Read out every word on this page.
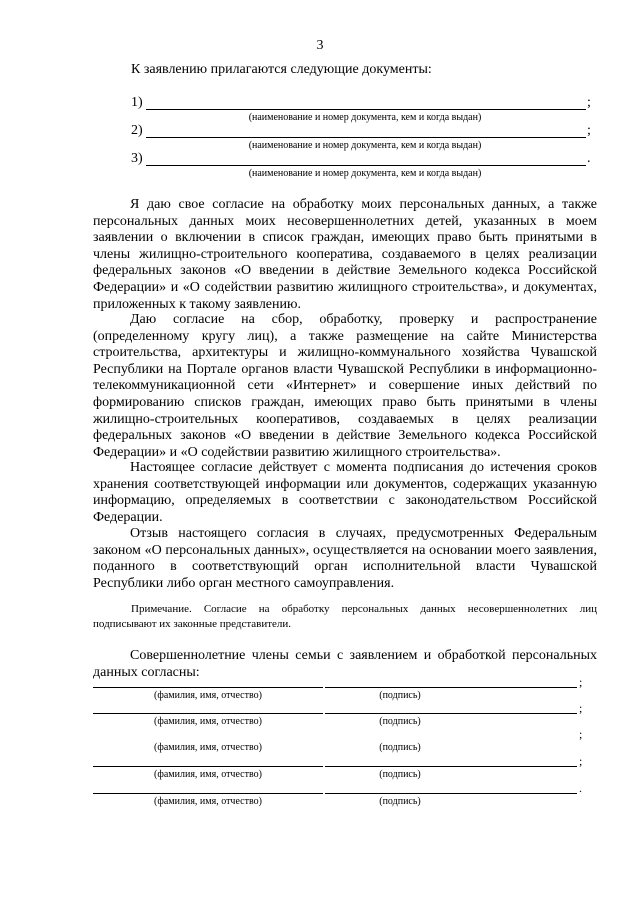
3
К заявлению прилагаются следующие документы:
1)	;
(наименование и номер документа, кем и когда выдан)
2)	;
(наименование и номер документа, кем и когда выдан)
3)	.
(наименование и номер документа, кем и когда выдан)
Я даю свое согласие на обработку моих персональных данных, а также персональных данных моих несовершеннолетних детей, указанных в моем заявлении о включении в список граждан, имеющих право быть принятыми в члены жилищно-строительного кооператива, создаваемого в целях реализации федеральных законов «О введении в действие Земельного кодекса Российской Федерации» и «О содействии развитию жилищного строительства», и документах, приложенных к такому заявлению.
Даю согласие на сбор, обработку, проверку и распространение (определенному кругу лиц), а также размещение на сайте Министерства строительства, архитектуры и жилищно-коммунального хозяйства Чувашской Республики на Портале органов власти Чувашской Республики в информационно-телекоммуникационной сети «Интернет» и совершение иных действий по формированию списков граждан, имеющих право быть принятыми в члены жилищно-строительных кооперативов, создаваемых в целях реализации федеральных законов «О введении в действие Земельного кодекса Российской Федерации» и «О содействии развитию жилищного строительства».
Настоящее согласие действует с момента подписания до истечения сроков хранения соответствующей информации или документов, содержащих указанную информацию, определяемых в соответствии с законодательством Российской Федерации.
Отзыв настоящего согласия в случаях, предусмотренных Федеральным законом «О персональных данных», осуществляется на основании моего заявления, поданного в соответствующий орган исполнительной власти Чувашской Республики либо орган местного самоуправления.
Примечание. Согласие на обработку персональных данных несовершеннолетних лиц подписывают их законные представители.
Совершеннолетние члены семьи с заявлением и обработкой персональных данных согласны:
;
(фамилия, имя, отчество)	(подпись)
;
(фамилия, имя, отчество)	(подпись)
;
(фамилия, имя, отчество)	(подпись)
;
(фамилия, имя, отчество)	(подпись)
.
(фамилия, имя, отчество)	(подпись)
